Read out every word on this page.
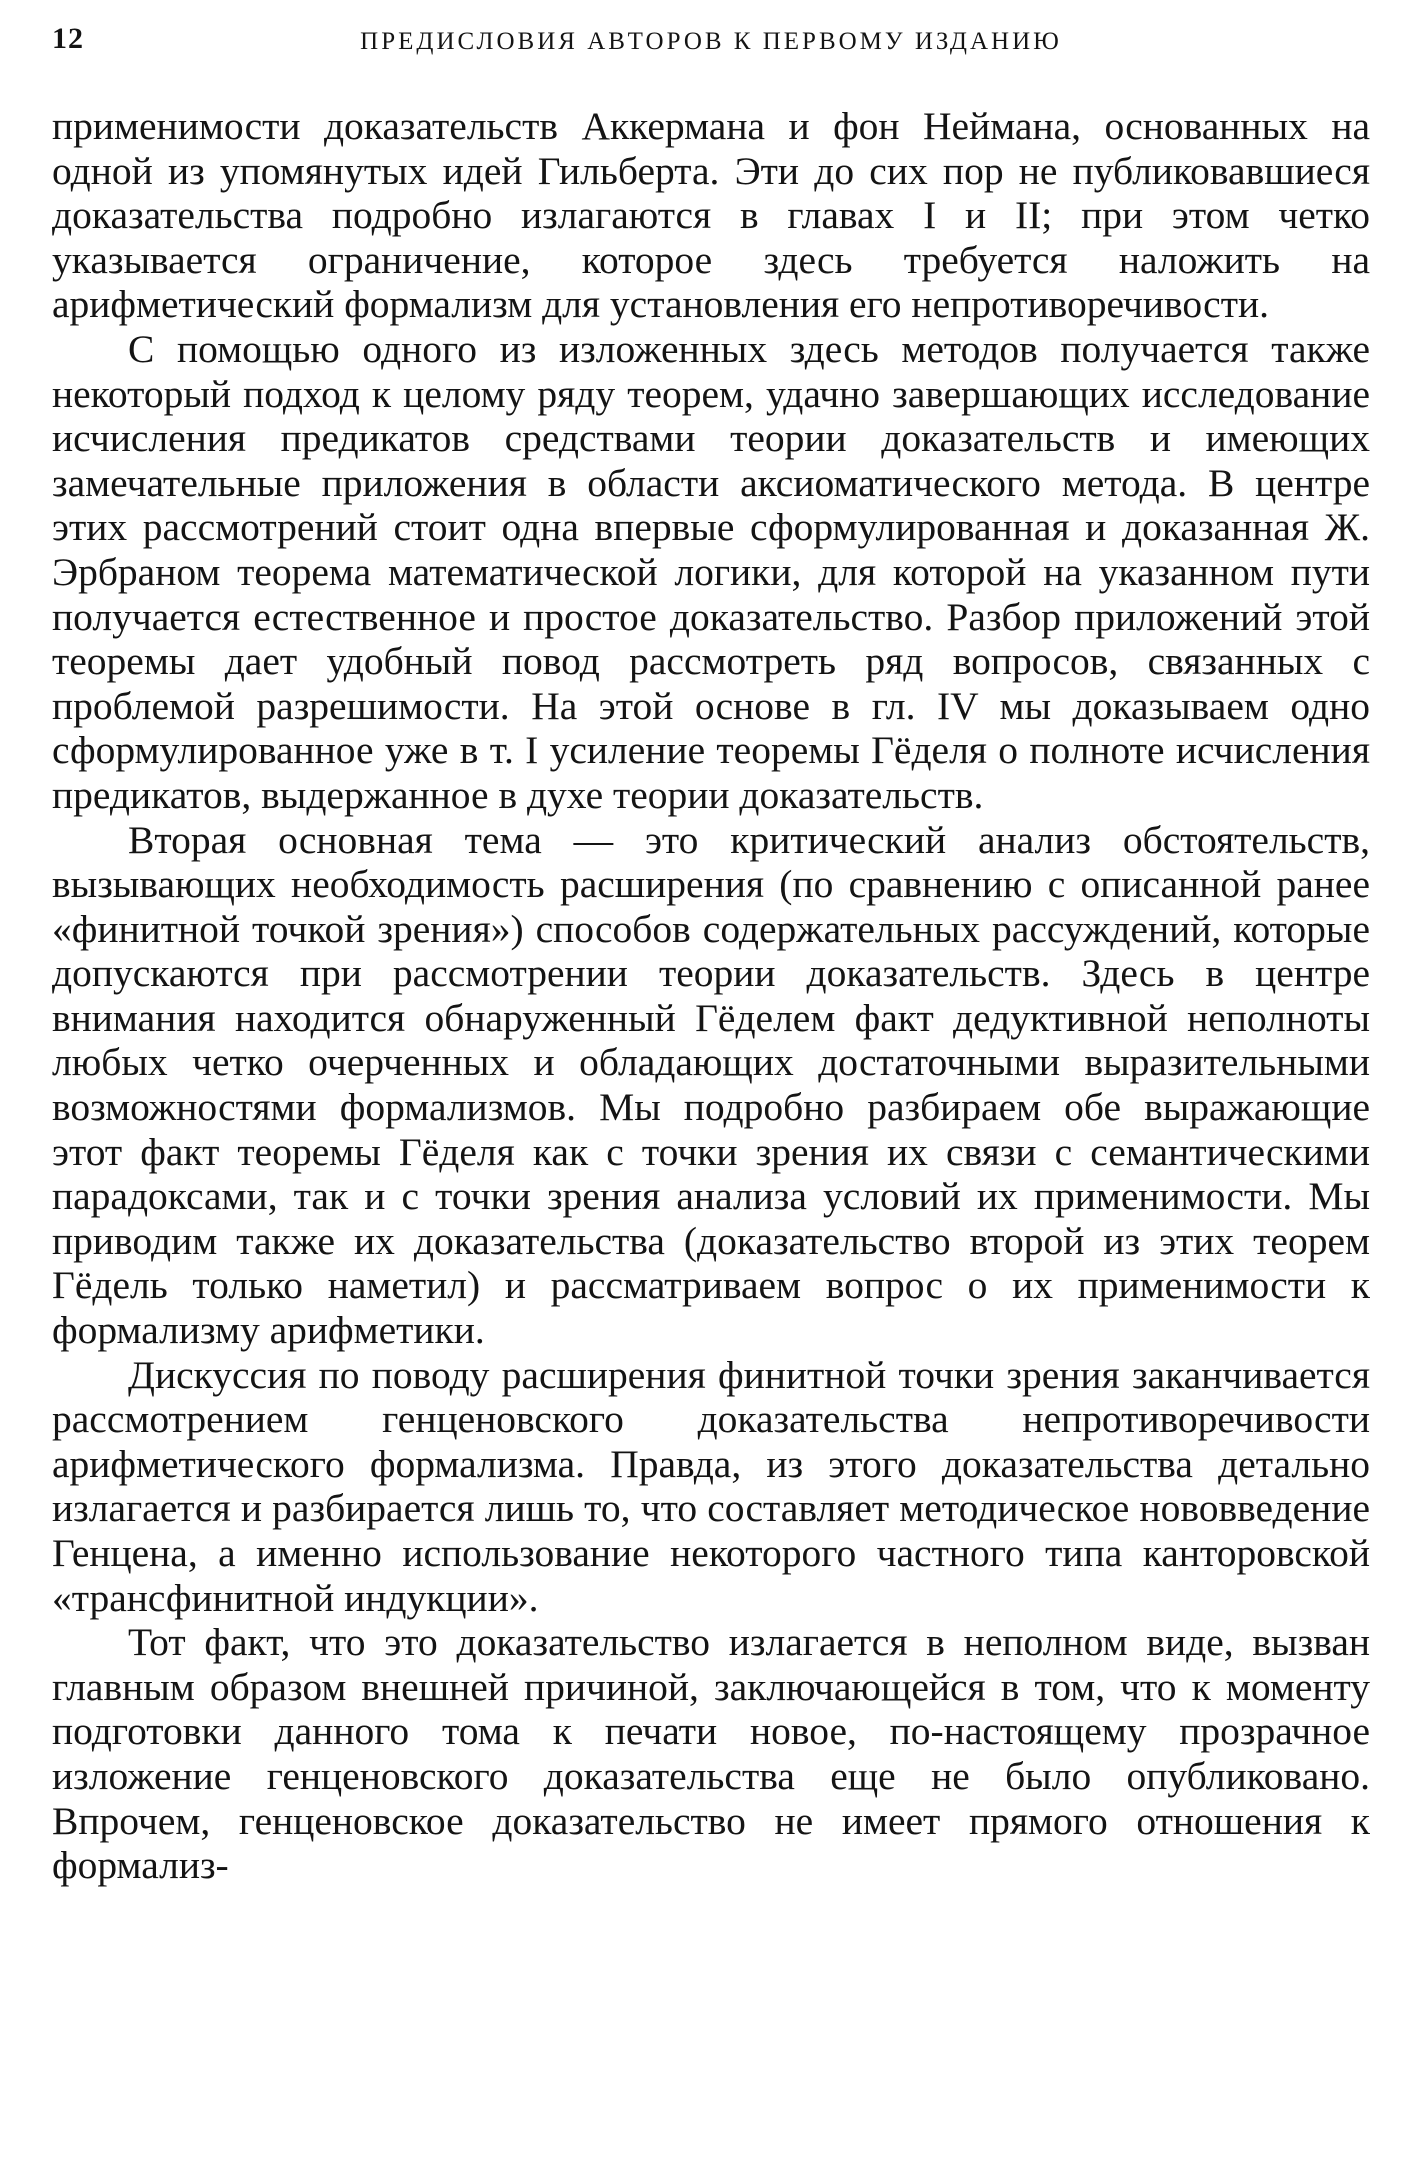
12	ПРЕДИСЛОВИЯ АВТОРОВ К ПЕРВОМУ ИЗДАНИЮ

применимости доказательств Аккермана и фон Неймана, основанных на одной из упомянутых идей Гильберта. Эти до сих пор не публиковавшиеся доказательства подробно излагаются в главах I и II; при этом четко указывается ограничение, которое здесь требуется наложить на арифметический формализм для установления его непротиворечивости.

С помощью одного из изложенных здесь методов получается также некоторый подход к целому ряду теорем, удачно завершающих исследование исчисления предикатов средствами теории доказательств и имеющих замечательные приложения в области аксиоматического метода. В центре этих рассмотрений стоит одна впервые сформулированная и доказанная Ж. Эрбраном теорема математической логики, для которой на указанном пути получается естественное и простое доказательство. Разбор приложений этой теоремы дает удобный повод рассмотреть ряд вопросов, связанных с проблемой разрешимости. На этой основе в гл. IV мы доказываем одно сформулированное уже в т. I усиление теоремы Гёделя о полноте исчисления предикатов, выдержанное в духе теории доказательств.

Вторая основная тема — это критический анализ обстоятельств, вызывающих необходимость расширения (по сравнению с описанной ранее «финитной точкой зрения») способов содержательных рассуждений, которые допускаются при рассмотрении теории доказательств. Здесь в центре внимания находится обнаруженный Гёделем факт дедуктивной неполноты любых четко очерченных и обладающих достаточными выразительными возможностями формализмов. Мы подробно разбираем обе выражающие этот факт теоремы Гёделя как с точки зрения их связи с семантическими парадоксами, так и с точки зрения анализа условий их применимости. Мы приводим также их доказательства (доказательство второй из этих теорем Гёдель только наметил) и рассматриваем вопрос о их применимости к формализму арифметики.

Дискуссия по поводу расширения финитной точки зрения заканчивается рассмотрением генценовского доказательства непротиворечивости арифметического формализма. Правда, из этого доказательства детально излагается и разбирается лишь то, что составляет методическое нововведение Генцена, а именно использование некоторого частного типа канторовской «трансфинитной индукции».

Тот факт, что это доказательство излагается в неполном виде, вызван главным образом внешней причиной, заключающейся в том, что к моменту подготовки данного тома к печати новое, по-настоящему прозрачное изложение генценовского доказательства еще не было опубликовано. Впрочем, генценовское доказательство не имеет прямого отношения к формализ-
